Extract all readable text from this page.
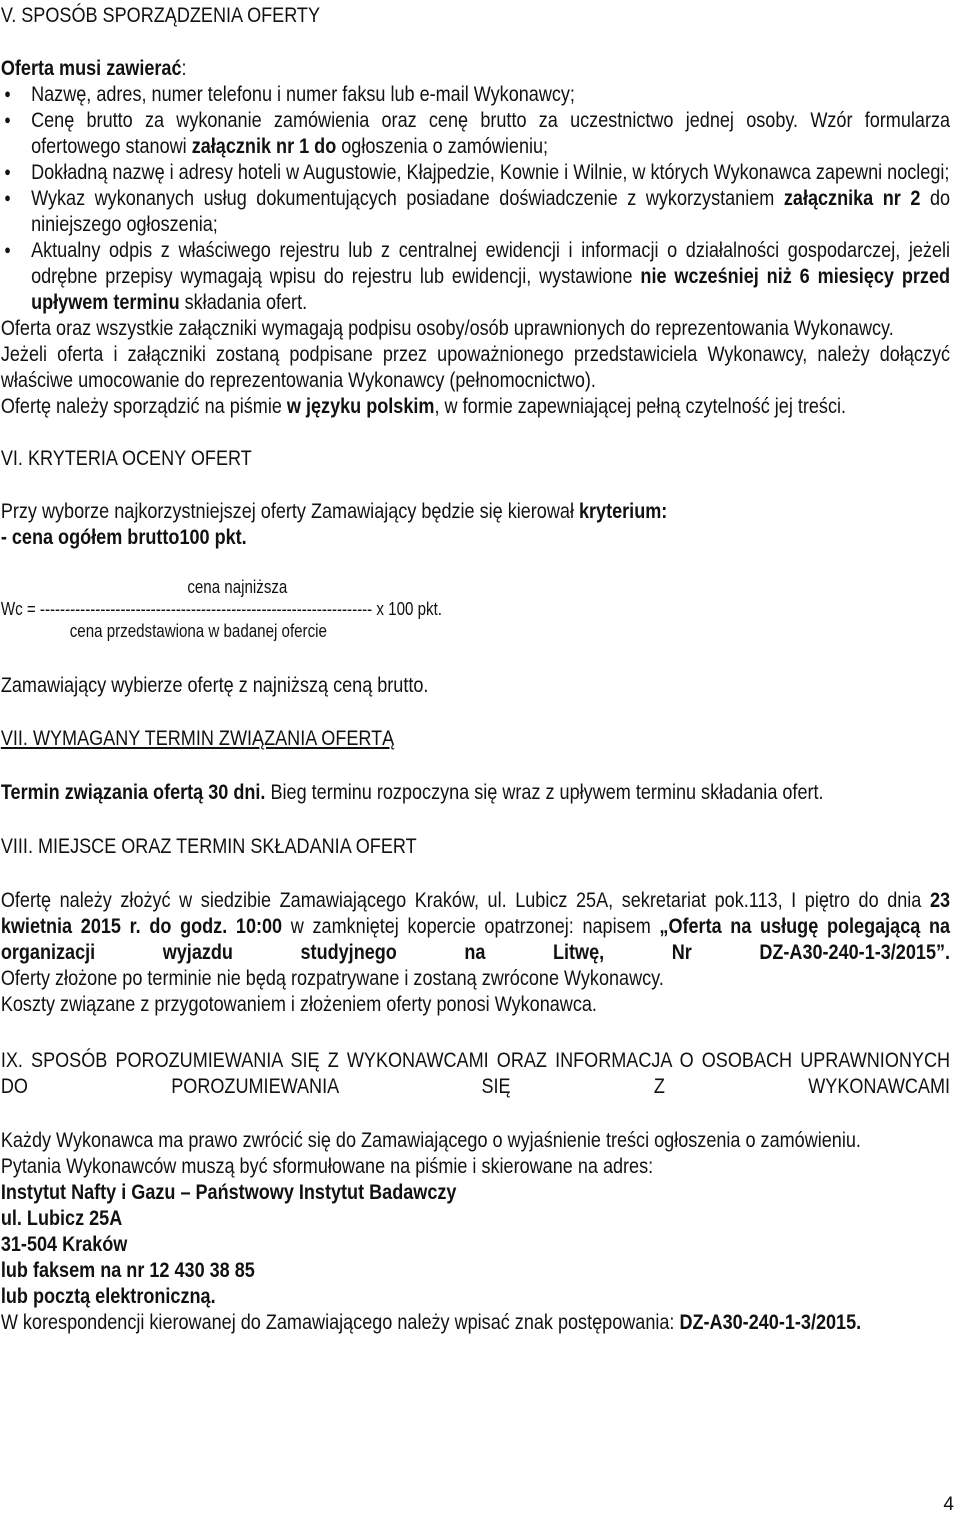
V. SPOSÓB SPORZĄDZENIA OFERTY

Oferta musi zawierać:

● Nazwę, adres, numer telefonu i numer faksu lub e-mail Wykonawcy;
● Cenę brutto za wykonanie zamówienia oraz cenę brutto za uczestnictwo jednej osoby. Wzór formularza ofertowego stanowi załącznik nr 1 do ogłoszenia o zamówieniu;
● Dokładną nazwę i adresy hoteli w Augustowie, Kłajpedzie, Kownie i Wilnie, w których Wykonawca zapewni noclegi;
● Wykaz wykonanych usług dokumentujących posiadane doświadczenie z wykorzystaniem załącznika nr 2 do niniejszego ogłoszenia;
● Aktualny odpis z właściwego rejestru lub z centralnej ewidencji i informacji o działalności gospodarczej, jeżeli odrębne przepisy wymagają wpisu do rejestru lub ewidencji, wystawione nie wcześniej niż 6 miesięcy przed upływem terminu składania ofert.

Oferta oraz wszystkie załączniki wymagają podpisu osoby/osób uprawnionych do reprezentowania Wykonawcy.

Jeżeli oferta i załączniki zostaną podpisane przez upoważnionego przedstawiciela Wykonawcy, należy dołączyć właściwe umocowanie do reprezentowania Wykonawcy (pełnomocnictwo).

Ofertę należy sporządzić na piśmie w języku polskim, w formie zapewniającej pełną czytelność jej treści.

VI. KRYTERIA OCENY OFERT

Przy wyborze najkorzystniejszej oferty Zamawiający będzie się kierował kryterium:

- cena ogółem brutto100 pkt.

cena najniższa

Wc = ------------------------------------------------------------------ x 100 pkt.

cena przedstawiona w badanej ofercie

Zamawiający wybierze ofertę z najniższą ceną brutto.

VII. WYMAGANY TERMIN ZWIĄZANIA OFERTĄ

Termin związania ofertą 30 dni. Bieg terminu rozpoczyna się wraz z upływem terminu składania ofert.

VIII. MIEJSCE ORAZ TERMIN SKŁADANIA OFERT

Ofertę należy złożyć w siedzibie Zamawiającego Kraków, ul. Lubicz 25A, sekretariat pok.113, I piętro do dnia 23 kwietnia 2015 r. do godz. 10:00 w zamkniętej kopercie opatrzonej: napisem „Oferta na usługę polegającą na organizacji wyjazdu studyjnego na Litwę, Nr DZ-A30-240-1-3/2015”.

Oferty złożone po terminie nie będą rozpatrywane i zostaną zwrócone Wykonawcy.

Koszty związane z przygotowaniem i złożeniem oferty ponosi Wykonawca.

IX. SPOSÓB POROZUMIEWANIA SIĘ Z WYKONAWCAMI ORAZ INFORMACJA O OSOBACH UPRAWNIONYCH DO POROZUMIEWANIA SIĘ Z WYKONAWCAMI

Każdy Wykonawca ma prawo zwrócić się do Zamawiającego o wyjaśnienie treści ogłoszenia o zamówieniu.

Pytania Wykonawców muszą być sformułowane na piśmie i skierowane na adres:

Instytut Nafty i Gazu – Państwowy Instytut Badawczy

ul. Lubicz 25A

31-504 Kraków

lub faksem na nr 12 430 38 85

lub pocztą elektroniczną.

W korespondencji kierowanej do Zamawiającego należy wpisać znak postępowania: DZ-A30-240-1-3/2015.

4
